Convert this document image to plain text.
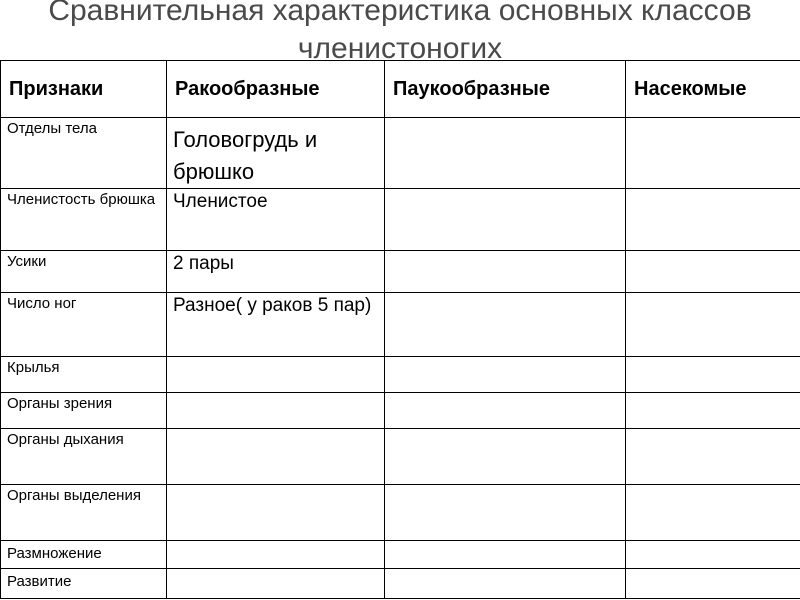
Сравнительная характеристика основных классов членистоногих
Признаки	Ракообразные	Паукообразные	Насекомые
Отделы тела	Головогрудь и брюшко		
Членистость брюшка	Членистое		
Усики	2 пары		
Число ног	Разное( у раков 5 пар)		
Крылья			
Органы зрения			
Органы дыхания			
Органы выделения			
Размножение			
Развитие			
